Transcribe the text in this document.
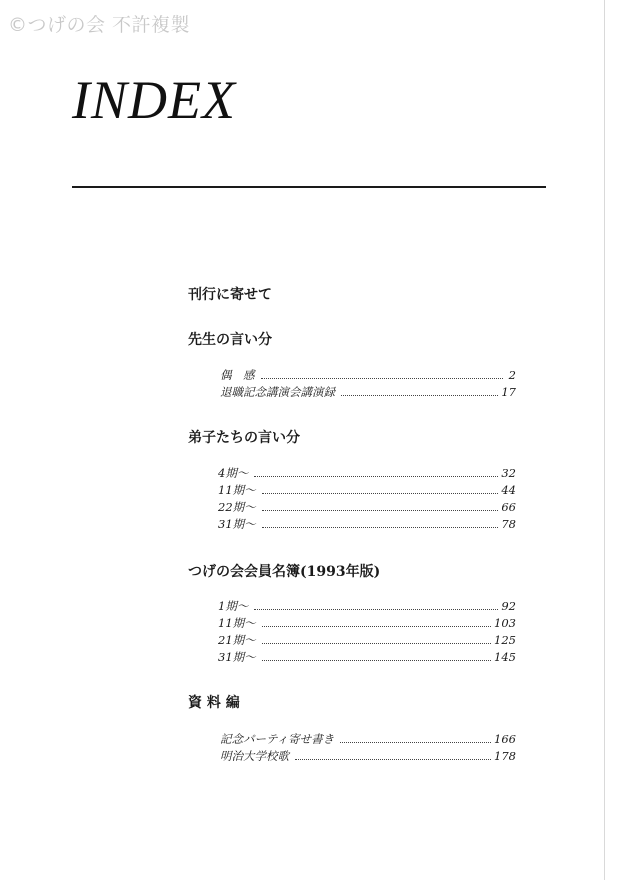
©つげの会 不許複製
INDEX
刊行に寄せて
先生の言い分
偶　感	2
退職記念講演会講演録	17
弟子たちの言い分
4期～	32
11期～	44
22期～	66
31期～	78
つげの会会員名簿(1993年版)
1期～	92
11期～	103
21期～	125
31期～	145
資 料 編
記念パーティ寄せ書き	166
明治大学校歌	178
